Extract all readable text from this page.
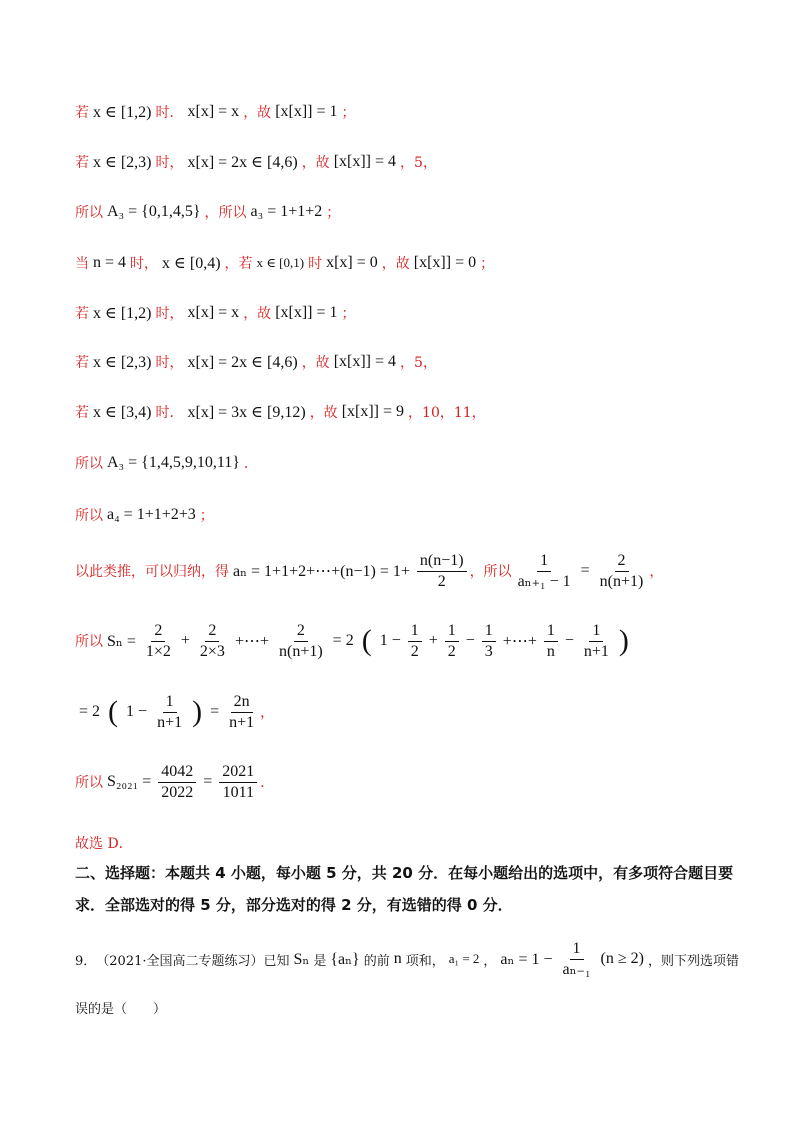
若 x ∈ [1,2) 时． x[x] = x ，故 [x[x]] = 1 ；
若 x ∈ [2,3) 时， x[x] = 2x ∈ [4,6) ，故 [x[x]] = 4 ，5，
所以 A₃ = {0,1,4,5} ，所以 a₃ = 1+1+2 ；
当 n = 4 时， x ∈ [0,4) ，若 x ∈ [0,1) 时 x[x] = 0 ，故 [x[x]] = 0 ；
若 x ∈ [1,2) 时， x[x] = x ，故 [x[x]] = 1 ；
若 x ∈ [2,3) 时， x[x] = 2x ∈ [4,6) ，故 [x[x]] = 4 ，5，
若 x ∈ [3,4) 时． x[x] = 3x ∈ [9,12) ，故 [x[x]] = 9 ，10，11，
所以 A₃ = {1,4,5,9,10,11} ．
所以 a₄ = 1+1+2+3 ；
以此类推，可以归纳，得 aₙ = 1+1+2+⋯+(n−1) = $1+ \frac{n(n-1)}{2}$ ，所以 $\frac{1}{\text{aₙ₊₁ − 1}} = \frac{2}{n(n+1)}$ ，
所以 $S_n = \frac{2}{1\times 2} + \frac{2}{2\times 3}$ +⋯+ $\frac{2}{n(n+1)} = 2$ ( $1 - \frac{1}{2} + \frac{1}{2} - \frac{1}{3}$ +⋯+ $\frac{1}{n} - \frac{1}{n+1}$ )
= 2 ( $1 - \frac{1}{n+1}$ ) = $\frac{2n}{n+1}$ ，
所以 $S_{2021} = \frac{4042}{2022} = \frac{2021}{1011}$ ．
故选 D．
二、选择题：本题共 4 小题，每小题 5 分，共 20 分．在每小题给出的选项中，有多项符合题目要求．全部选对的得 5 分，部分选对的得 2 分，有选错的得 0 分．
9． （2021·全国高二专题练习）已知 Sₙ 是 {aₙ} 的前 n 项和， a₁ = 2 ， $a_n = 1 - \frac{1}{\text{aₙ₋₁}} (n \ge 2)$ ，则下列选项错
误的是（　　）
